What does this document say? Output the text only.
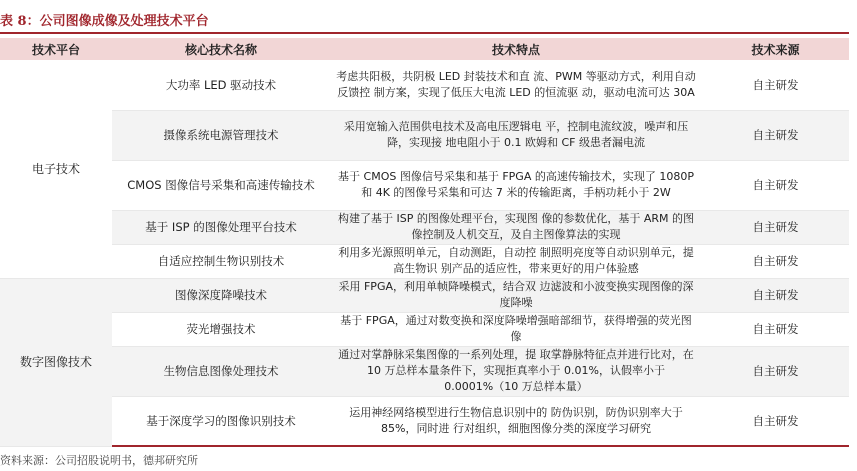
表 8：公司图像成像及处理技术平台
技术平台	核心技术名称	技术特点	技术来源
电子技术	大功率 LED 驱动技术	考虑共阳极，共阴极 LED 封装技术和直 流、PWM 等驱动方式，利用自动反馈控 制方案，实现了低压大电流 LED 的恒流驱 动，驱动电流可达 30A	自主研发
	摄像系统电源管理技术	采用宽输入范围供电技术及高电压逻辑电 平，控制电流纹波，噪声和压降，实现接 地电阻小于 0.1 欧姆和 CF 级患者漏电流	自主研发
	CMOS 图像信号采集和高速传输技术	基于 CMOS 图像信号采集和基于 FPGA 的高速传输技术，实现了 1080P 和 4K 的图像号采集和可达 7 米的传输距离，手柄功耗小于 2W	自主研发
	基于 ISP 的图像处理平台技术	构建了基于 ISP 的图像处理平台，实现图 像的参数优化，基于 ARM 的图像控制及人机交互，及自主图像算法的实现	自主研发
	自适应控制生物识别技术	利用多光源照明单元，自动测距，自动控 制照明亮度等自动识别单元，提高生物识 别产品的适应性，带来更好的用户体验感	自主研发
数字图像技术	图像深度降噪技术	采用 FPGA，利用单帧降噪模式，结合双 边滤波和小波变换实现图像的深度降噪	自主研发
	荧光增强技术	基于 FPGA，通过对数变换和深度降噪增强暗部细节，获得增强的荧光图像	自主研发
	生物信息图像处理技术	通过对掌静脉采集图像的一系列处理，提 取掌静脉特征点并进行比对，在 10 万总样本量条件下，实现拒真率小于 0.01%，认假率小于 0.0001%（10 万总样本量）	自主研发
	基于深度学习的图像识别技术	运用神经网络模型进行生物信息识别中的 防伪识别，防伪识别率大于 85%，同时进 行对组织，细胞图像分类的深度学习研究	自主研发
资料来源：公司招股说明书，德邦研究所
